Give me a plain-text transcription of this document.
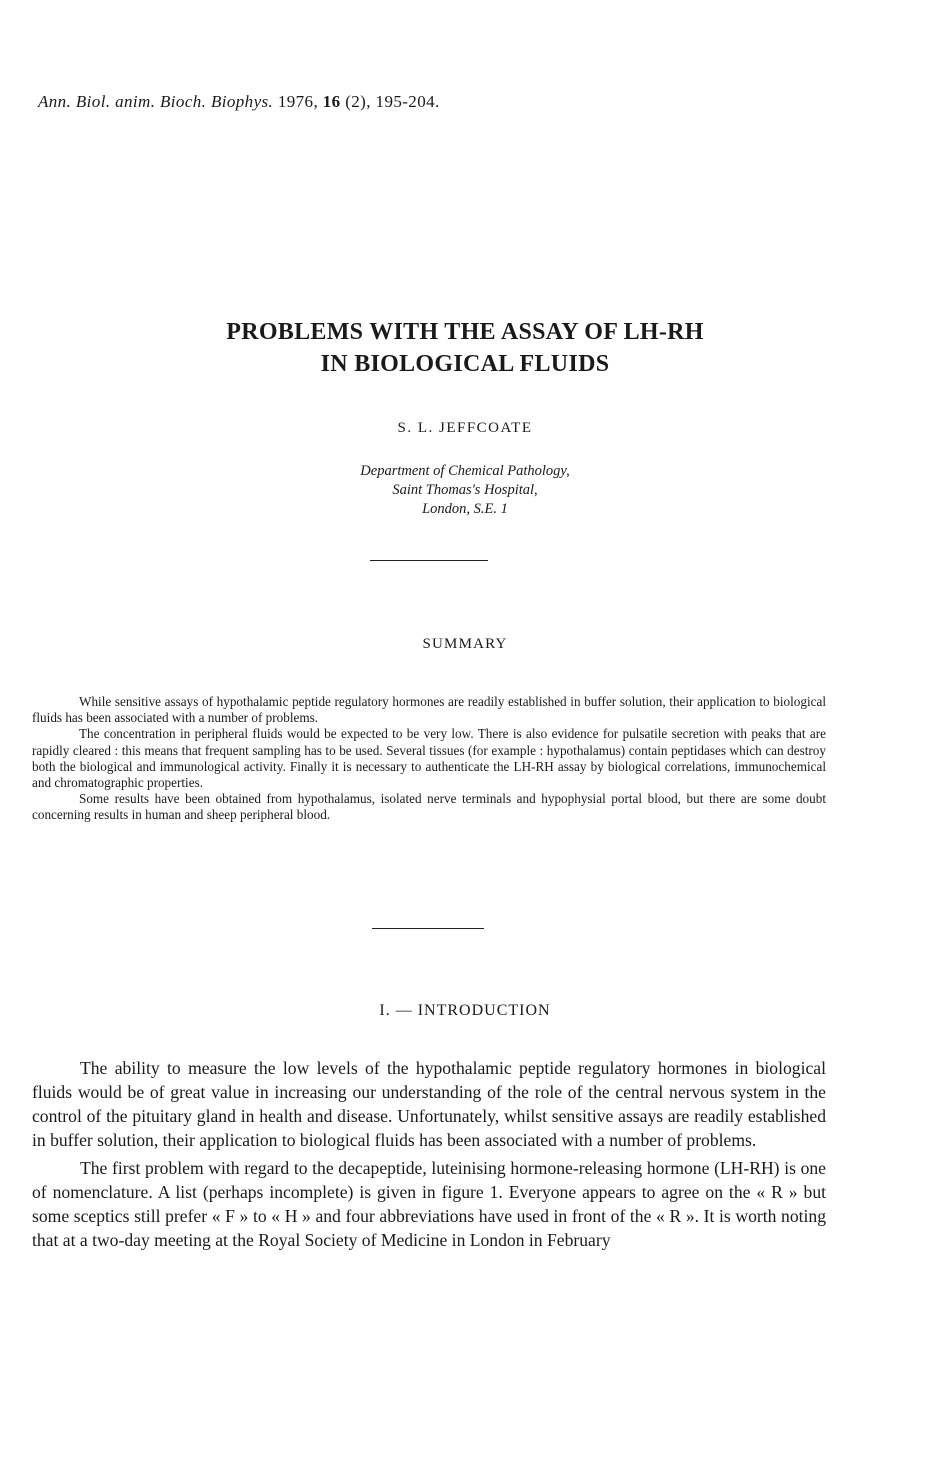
Ann. Biol. anim. Bioch. Biophys. 1976, 16 (2), 195-204.
PROBLEMS WITH THE ASSAY OF LH-RH
IN BIOLOGICAL FLUIDS
S. L. JEFFCOATE
Department of Chemical Pathology,
Saint Thomas's Hospital,
London, S.E. 1
SUMMARY

While sensitive assays of hypothalamic peptide regulatory hormones are readily established in buffer solution, their application to biological fluids has been associated with a number of problems.

The concentration in peripheral fluids would be expected to be very low. There is also evidence for pulsatile secretion with peaks that are rapidly cleared : this means that frequent sampling has to be used. Several tissues (for example : hypothalamus) contain peptidases which can destroy both the biological and immunological activity. Finally it is necessary to authenticate the LH-RH assay by biological correlations, immunochemical and chromatographic properties.

Some results have been obtained from hypothalamus, isolated nerve terminals and hypophysial portal blood, but there are some doubt concerning results in human and sheep peripheral blood.

I. — INTRODUCTION

The ability to measure the low levels of the hypothalamic peptide regulatory hormones in biological fluids would be of great value in increasing our understanding of the role of the central nervous system in the control of the pituitary gland in health and disease. Unfortunately, whilst sensitive assays are readily established in buffer solution, their application to biological fluids has been associated with a number of problems.

The first problem with regard to the decapeptide, luteinising hormone-releasing hormone (LH-RH) is one of nomenclature. A list (perhaps incomplete) is given in figure 1. Everyone appears to agree on the « R » but some sceptics still prefer « F » to « H » and four abbreviations have used in front of the « R ». It is worth noting that at a two-day meeting at the Royal Society of Medicine in London in February
